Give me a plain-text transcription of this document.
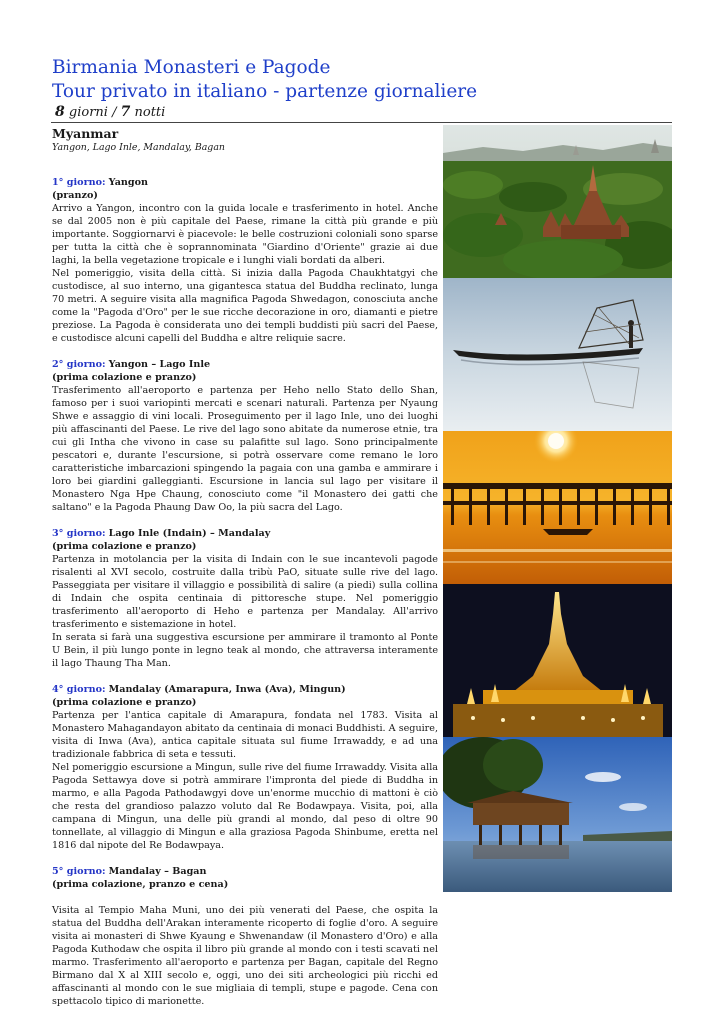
Birmania Monasteri e Pagode
Tour privato in italiano - partenze giornaliere
8 giorni / 7 notti
Myanmar
Yangon, Lago Inle, Mandalay, Bagan
1° giorno: Yangon
(pranzo)
Arrivo a Yangon, incontro con la guida locale e trasferimento in hotel. Anche se dal 2005 non è più capitale del Paese, rimane la città più grande e più importante. Soggiornarvi è piacevole: le belle costruzioni coloniali sono sparse per tutta la città che è soprannominata "Giardino d'Oriente" grazie ai due laghi, la bella vegetazione tropicale e i lunghi viali bordati da alberi.
Nel pomeriggio, visita della città. Si inizia dalla Pagoda Chaukhtatgyi che custodisce, al suo interno, una gigantesca statua del Buddha reclinato, lunga 70 metri. A seguire visita alla magnifica Pagoda Shwedagon, conosciuta anche come la "Pagoda d'Oro" per le sue ricche decorazione in oro, diamanti e pietre preziose. La Pagoda è considerata uno dei templi buddisti più sacri del Paese, e custodisce alcuni capelli del Buddha e altre reliquie sacre.
2° giorno: Yangon – Lago Inle
(prima colazione e pranzo)
Trasferimento all'aeroporto e partenza per Heho nello Stato dello Shan, famoso per i suoi variopinti mercati e scenari naturali. Partenza per Nyaung Shwe e assaggio di vini locali. Proseguimento per il lago Inle, uno dei luoghi più affascinanti del Paese. Le rive del lago sono abitate da numerose etnie, tra cui gli Intha che vivono in case su palafitte sul lago. Sono principalmente pescatori e, durante l'escursione, si potrà osservare come remano le loro caratteristiche imbarcazioni spingendo la pagaia con una gamba e ammirare i loro bei giardini galleggianti. Escursione in lancia sul lago per visitare il Monastero Nga Hpe Chaung, conosciuto come "il Monastero dei gatti che saltano" e la Pagoda Phaung Daw Oo, la più sacra del Lago.
3° giorno: Lago Inle (Indain) – Mandalay
(prima colazione e pranzo)
Partenza in motolancia per la visita di Indain con le sue incantevoli pagode risalenti al XVI secolo, costruite dalla tribù PaO, situate sulle rive del lago. Passeggiata per visitare il villaggio e possibilità di salire (a piedi) sulla collina di Indain che ospita centinaia di pittoresche stupe. Nel pomeriggio trasferimento all'aeroporto di Heho e partenza per Mandalay. All'arrivo trasferimento e sistemazione in hotel.
In serata si farà una suggestiva escursione per ammirare il tramonto al Ponte U Bein, il più lungo ponte in legno teak al mondo, che attraversa interamente il lago Thaung Tha Man.
4° giorno: Mandalay (Amarapura, Inwa (Ava), Mingun)
(prima colazione e pranzo)
Partenza per l'antica capitale di Amarapura, fondata nel 1783. Visita al Monastero Mahagandayon abitato da centinaia di monaci Buddhisti. A seguire, visita di Inwa (Ava), antica capitale situata sul fiume Irrawaddy, e ad una tradizionale fabbrica di seta e tessuti.
Nel pomeriggio escursione a Mingun, sulle rive del fiume Irrawaddy. Visita alla Pagoda Settawya dove si potrà ammirare l'impronta del piede di Buddha in marmo, e alla Pagoda Pathodawgyi dove un'enorme mucchio di mattoni è ciò che resta del grandioso palazzo voluto dal Re Bodawpaya. Visita, poi, alla campana di Mingun, una delle più grandi al mondo, dal peso di oltre 90 tonnellate, al villaggio di Mingun e alla graziosa Pagoda Shinbume, eretta nel 1816 dal nipote del Re Bodawpaya.
5° giorno: Mandalay – Bagan
(prima colazione, pranzo e cena)
Visita al Tempio Maha Muni, uno dei più venerati del Paese, che ospita la statua del Buddha dell'Arakan interamente ricoperto di foglie d'oro. A seguire visita ai monasteri di Shwe Kyaung e Shwenandaw (il Monastero d'Oro) e alla Pagoda Kuthodaw che ospita il libro più grande al mondo con i testi scavati nel marmo. Trasferimento all'aeroporto e partenza per Bagan, capitale del Regno Birmano dal X al XIII secolo e, oggi, uno dei siti archeologici più ricchi ed affascinanti al mondo con le sue migliaia di templi, stupe e pagode. Cena con spettacolo tipico di marionette.
